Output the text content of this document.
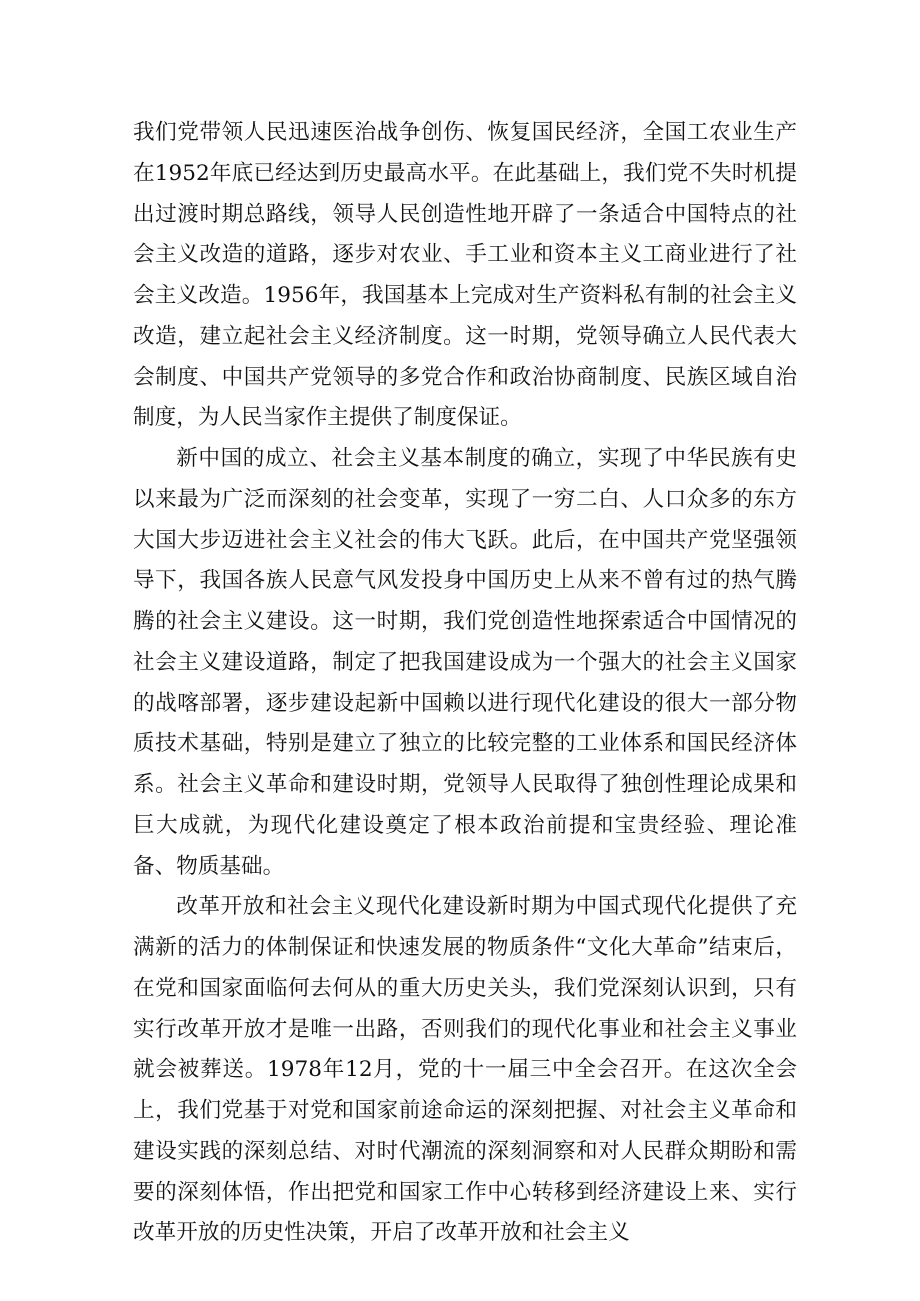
我们党带领人民迅速医治战争创伤、恢复国民经济，全国工农业生产在1952年底已经达到历史最高水平。在此基础上，我们党不失时机提出过渡时期总路线，领导人民创造性地开辟了一条适合中国特点的社会主义改造的道路，逐步对农业、手工业和资本主义工商业进行了社会主义改造。1956年，我国基本上完成对生产资料私有制的社会主义改造，建立起社会主义经济制度。这一时期，党领导确立人民代表大会制度、中国共产党领导的多党合作和政治协商制度、民族区域自治制度，为人民当家作主提供了制度保证。

新中国的成立、社会主义基本制度的确立，实现了中华民族有史以来最为广泛而深刻的社会变革，实现了一穷二白、人口众多的东方大国大步迈进社会主义社会的伟大飞跃。此后，在中国共产党坚强领导下，我国各族人民意气风发投身中国历史上从来不曾有过的热气腾腾的社会主义建设。这一时期，我们党创造性地探索适合中国情况的社会主义建设道路，制定了把我国建设成为一个强大的社会主义国家的战喀部署，逐步建设起新中国赖以进行现代化建设的很大一部分物质技术基础，特别是建立了独立的比较完整的工业体系和国民经济体系。社会主义革命和建设时期，党领导人民取得了独创性理论成果和巨大成就，为现代化建设奠定了根本政治前提和宝贵经验、理论准备、物质基础。

改革开放和社会主义现代化建设新时期为中国式现代化提供了充满新的活力的体制保证和快速发展的物质条件“文化大革命”结束后，在党和国家面临何去何从的重大历史关头，我们党深刻认识到，只有实行改革开放才是唯一出路，否则我们的现代化事业和社会主义事业就会被葬送。1978年12月，党的十一届三中全会召开。在这次全会上，我们党基于对党和国家前途命运的深刻把握、对社会主义革命和建设实践的深刻总结、对时代潮流的深刻洞察和对人民群众期盼和需要的深刻体悟，作出把党和国家工作中心转移到经济建设上来、实行改革开放的历史性决策，开启了改革开放和社会主义
